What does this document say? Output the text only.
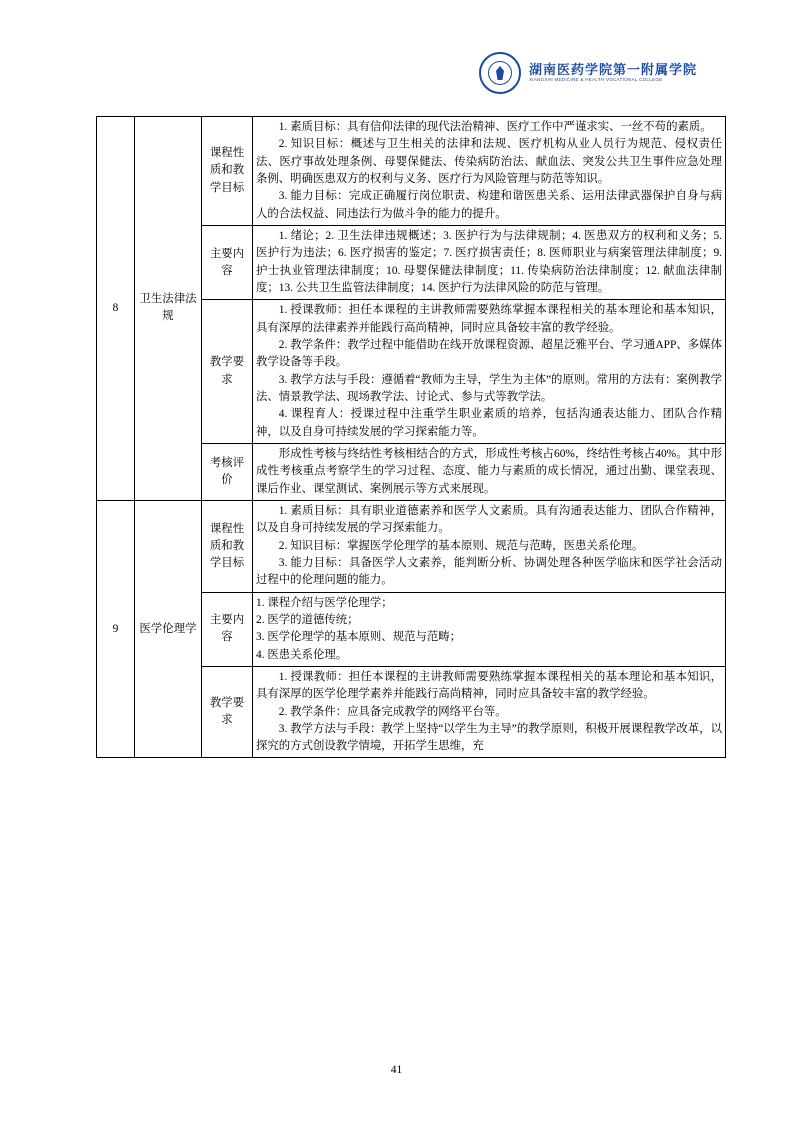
湖南医药学院第一附属学院
XIANGXIN MEDICINE & HEALTH VOCATIONAL COLLEGE
8	卫生法律法规	课程性质和教学目标	1. 素质目标：具有信仰法律的现代法治精神、医疗工作中严谨求实、一丝不苟的素质。

2. 知识目标：概述与卫生相关的法律和法规、医疗机构从业人员行为规范、侵权责任法、医疗事故处理条例、母婴保健法、传染病防治法、献血法、突发公共卫生事件应急处理条例、明确医患双方的权利与义务、医疗行为风险管理与防范等知识。

3. 能力目标：完成正确履行岗位职责、构建和谐医患关系、运用法律武器保护自身与病人的合法权益、同违法行为做斗争的能力的提升。

		主要内容	1. 绪论；2. 卫生法律违规概述；3. 医护行为与法律规制；4. 医患双方的权利和义务；5. 医护行为违法；6. 医疗损害的鉴定；7. 医疗损害责任；8. 医师职业与病案管理法律制度；9. 护士执业管理法律制度；10. 母婴保健法律制度；11. 传染病防治法律制度；12. 献血法律制度；13. 公共卫生监管法律制度；14. 医护行为法律风险的防范与管理。

		教学要求	1. 授课教师：担任本课程的主讲教师需要熟练掌握本课程相关的基本理论和基本知识，具有深厚的法律素养并能践行高尚精神，同时应具备较丰富的教学经验。

2. 教学条件：教学过程中能借助在线开放课程资源、超星泛雅平台、学习通APP、多媒体教学设备等手段。

3. 教学方法与手段：遵循着“教师为主导，学生为主体”的原则。常用的方法有：案例教学法、情景教学法、现场教学法、讨论式、参与式等教学法。

4. 课程育人：授课过程中注重学生职业素质的培养，包括沟通表达能力、团队合作精神，以及自身可持续发展的学习探索能力等。

		考核评价	形成性考核与终结性考核相结合的方式，形成性考核占60%，终结性考核占40%。其中形成性考核重点考察学生的学习过程、态度、能力与素质的成长情况，通过出勤、课堂表现、课后作业、课堂测试、案例展示等方式来展现。

9	医学伦理学	课程性质和教学目标	1. 素质目标：具有职业道德素养和医学人文素质。具有沟通表达能力、团队合作精神，以及自身可持续发展的学习探索能力。

2. 知识目标：掌握医学伦理学的基本原则、规范与范畴，医患关系伦理。

3. 能力目标：具备医学人文素养，能判断分析、协调处理各种医学临床和医学社会活动过程中的伦理问题的能力。

		主要内容	1. 课程介绍与医学伦理学；

2. 医学的道德传统；

3. 医学伦理学的基本原则、规范与范畴；

4. 医患关系伦理。

		教学要求	1. 授课教师：担任本课程的主讲教师需要熟练掌握本课程相关的基本理论和基本知识，具有深厚的医学伦理学素养并能践行高尚精神，同时应具备较丰富的教学经验。

2. 教学条件：应具备完成教学的网络平台等。

3. 教学方法与手段：教学上坚持“以学生为主导”的教学原则，积极开展课程教学改革，以探究的方式创设教学情境，开拓学生思维，充

41
